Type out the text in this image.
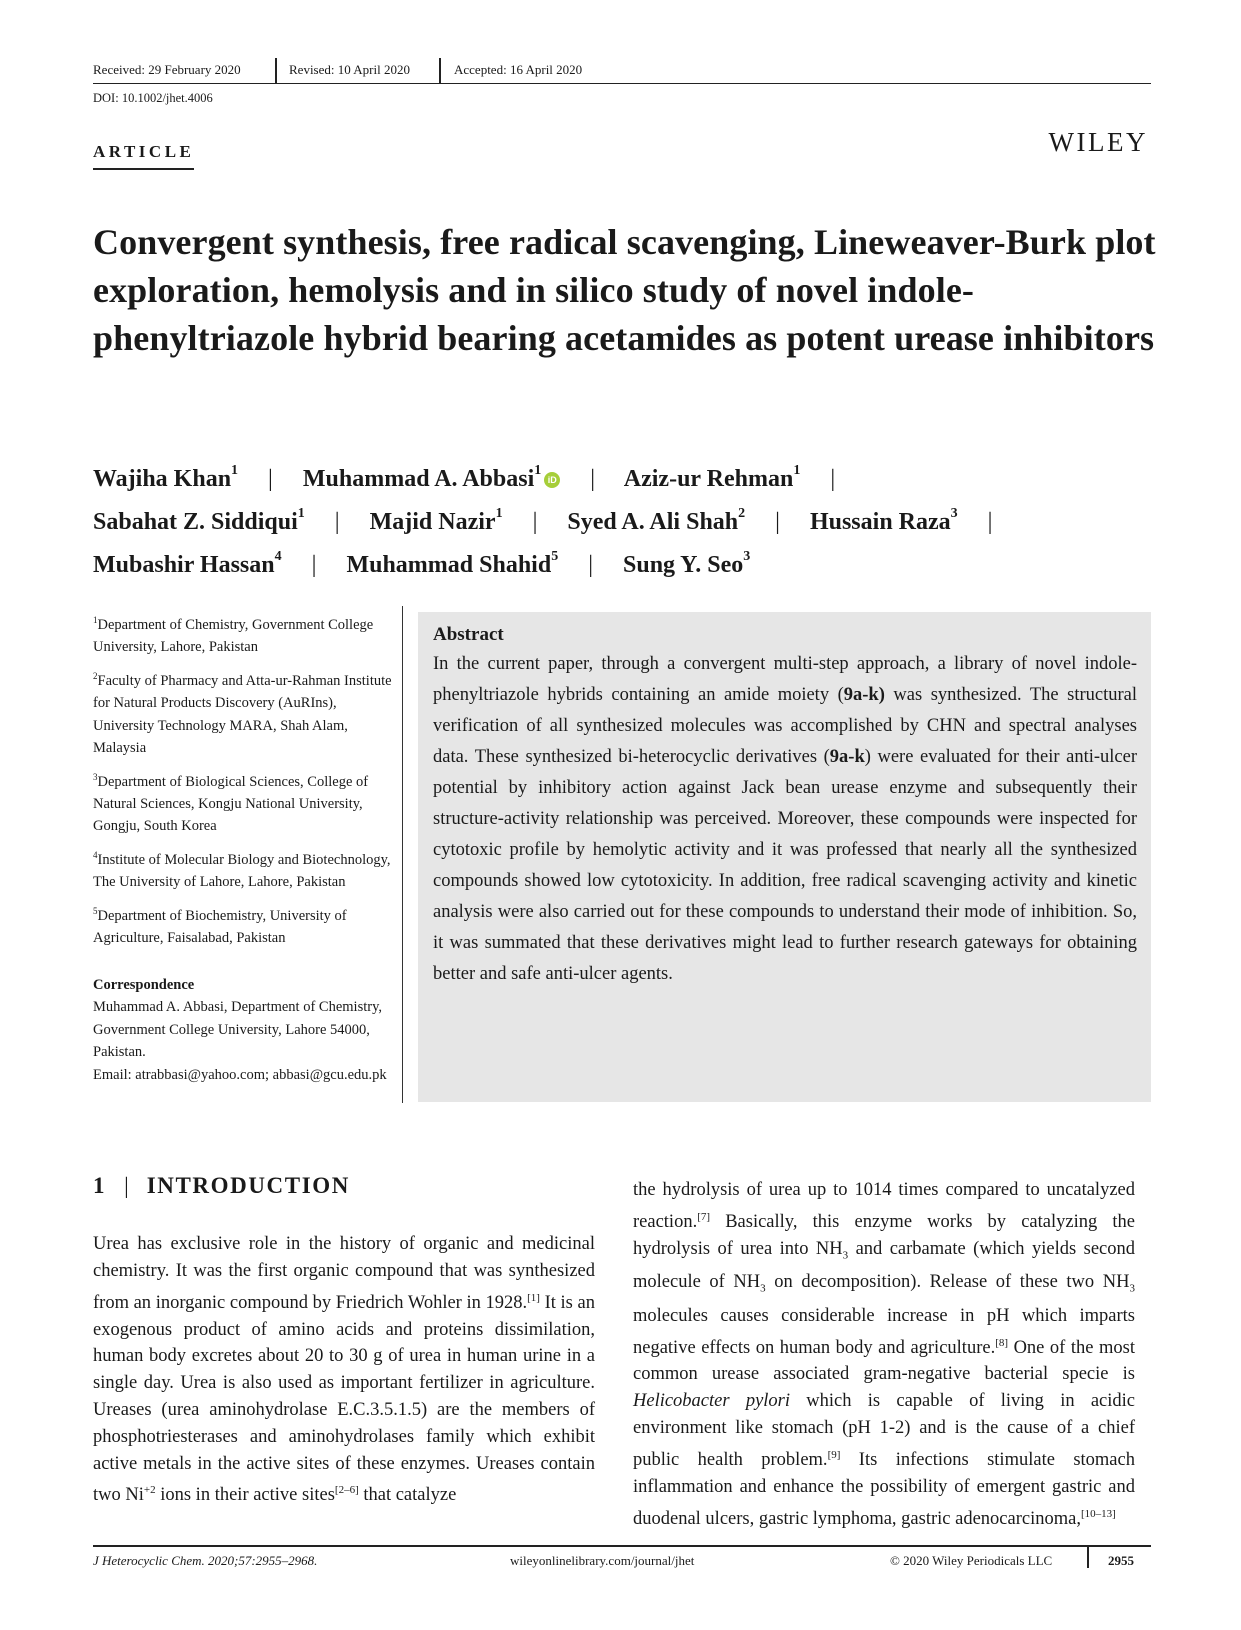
Received: 29 February 2020	Revised: 10 April 2020	Accepted: 16 April 2020
DOI: 10.1002/jhet.4006
ARTICLE	WILEY
Convergent synthesis, free radical scavenging, Lineweaver-Burk plot exploration, hemolysis and in silico study of novel indole-phenyltriazole hybrid bearing acetamides as potent urease inhibitors
Wajiha Khan$^1$ | Muhammad A. Abbasi$^1$iD | Aziz-ur Rehman$^1$ |
Sabahat Z. Siddiqui$^1$ | Majid Nazir$^1$ | Syed A. Ali Shah$^2$ | Hussain Raza$^3$ |
Mubashir Hassan$^4$ | Muhammad Shahid$^5$ | Sung Y. Seo$^3$
$^1$Department of Chemistry, Government College University, Lahore, Pakistan
$^2$Faculty of Pharmacy and Atta-ur-Rahman Institute for Natural Products Discovery (AuRIns), University Technology MARA, Shah Alam, Malaysia
$^3$Department of Biological Sciences, College of Natural Sciences, Kongju National University, Gongju, South Korea
$^4$Institute of Molecular Biology and Biotechnology, The University of Lahore, Lahore, Pakistan
$^5$Department of Biochemistry, University of Agriculture, Faisalabad, Pakistan
Correspondence
Muhammad A. Abbasi, Department of Chemistry, Government College University, Lahore 54000, Pakistan.
Email: atrabbasi@yahoo.com; abbasi@gcu.edu.pk
Abstract

In the current paper, through a convergent multi-step approach, a library of novel indole-phenyltriazole hybrids containing an amide moiety (9a-k) was synthesized. The structural verification of all synthesized molecules was accomplished by CHN and spectral analyses data. These synthesized bi-heterocyclic derivatives (9a-k) were evaluated for their anti-ulcer potential by inhibitory action against Jack bean urease enzyme and subsequently their structure-activity relationship was perceived. Moreover, these compounds were inspected for cytotoxic profile by hemolytic activity and it was professed that nearly all the synthesized compounds showed low cytotoxicity. In addition, free radical scavenging activity and kinetic analysis were also carried out for these compounds to understand their mode of inhibition. So, it was summated that these derivatives might lead to further research gateways for obtaining better and safe anti-ulcer agents.

1 | INTRODUCTION

Urea has exclusive role in the history of organic and medicinal chemistry. It was the first organic compound that was synthesized from an inorganic compound by Friedrich Wohler in 1928.[1] It is an exogenous product of amino acids and proteins dissimilation, human body excretes about 20 to 30 g of urea in human urine in a single day. Urea is also used as important fertilizer in agriculture. Ureases (urea aminohydrolase E.C.3.5.1.5) are the members of phosphotriesterases and aminohydrolases family which exhibit active metals in the active sites of these enzymes. Ureases contain two $Ni^{+2}$ ions in their active sites[2–6] that catalyze

the hydrolysis of urea up to 1014 times compared to uncatalyzed reaction.[7] Basically, this enzyme works by catalyzing the hydrolysis of urea into $NH_3$ and carbamate (which yields second molecule of $NH_3$ on decomposition). Release of these two $NH_3$ molecules causes considerable increase in pH which imparts negative effects on human body and agriculture.[8] One of the most common urease associated gram-negative bacterial specie is Helicobacter pylori which is capable of living in acidic environment like stomach (pH 1-2) and is the cause of a chief public health problem.[9] Its infections stimulate stomach inflammation and enhance the possibility of emergent gastric and duodenal ulcers, gastric lymphoma, gastric adenocarcinoma,[10–13]

J Heterocyclic Chem. 2020;57:2955–2968.	wileyonlinelibrary.com/journal/jhet	© 2020 Wiley Periodicals LLC	2955
